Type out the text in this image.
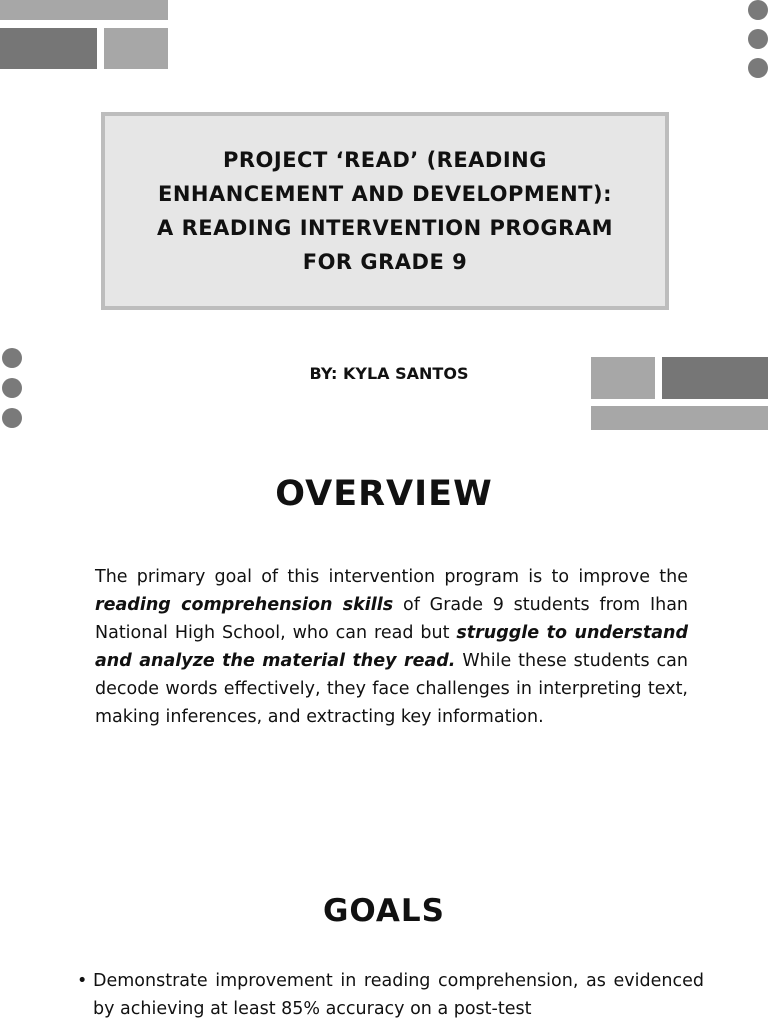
PROJECT ‘READ’ (READING
ENHANCEMENT AND DEVELOPMENT):
A READING INTERVENTION PROGRAM
FOR GRADE 9
BY: KYLA SANTOS
OVERVIEW

The primary goal of this intervention program is to improve the reading comprehension skills of Grade 9 students from Ihan National High School, who can read but struggle to understand and analyze the material they read. While these students can decode words effectively, they face challenges in interpreting text, making inferences, and extracting key information.

GOALS
• Demonstrate improvement in reading comprehension, as evidenced by achieving at least 85% accuracy on a post-test
